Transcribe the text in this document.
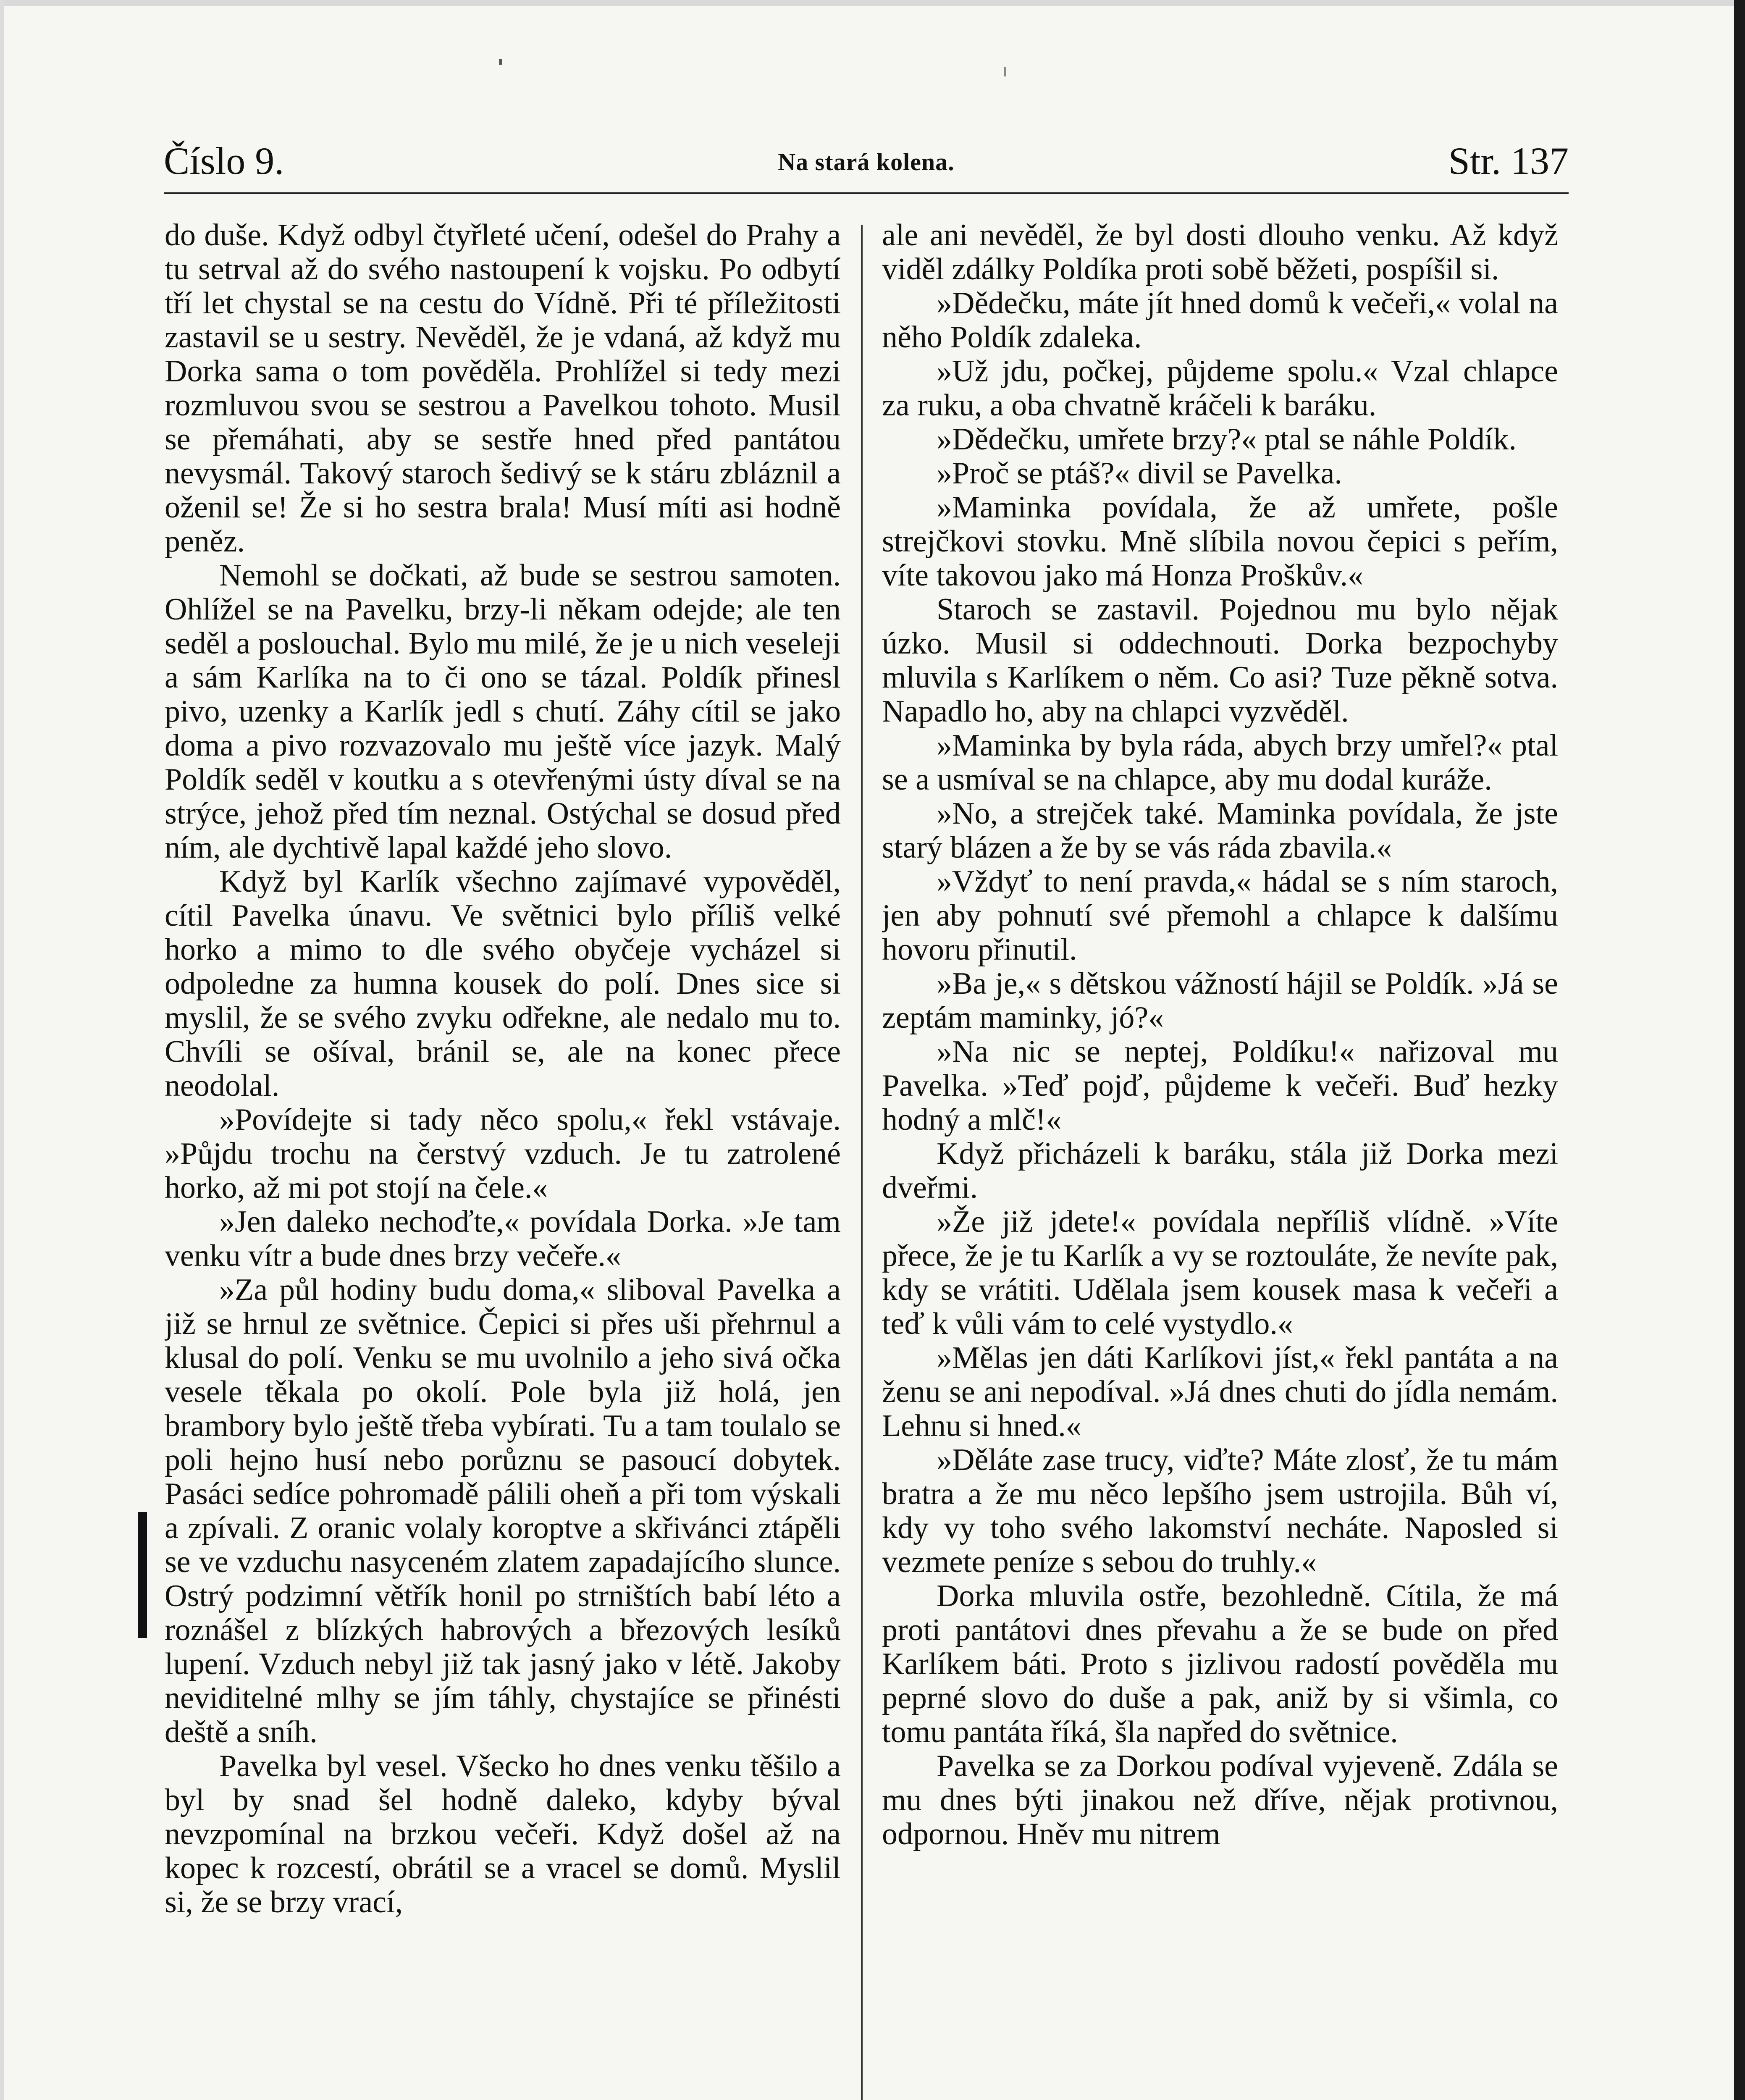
Číslo 9.	Na stará kolena.	Str. 137

do duše. Když odbyl čtyřleté učení, odešel do Prahy a tu setrval až do svého nastoupení k vojsku. Po odbytí tří let chystal se na cestu do Vídně. Při té příležitosti zastavil se u sestry. Nevěděl, že je vdaná, až když mu Dorka sama o tom pověděla. Prohlížel si tedy mezi rozmluvou svou se sestrou a Pavelkou tohoto. Musil se přemáhati, aby se sestře hned před pantátou nevysmál. Takový staroch šedivý se k stáru zbláznil a oženil se! Že si ho sestra brala! Musí míti asi hodně peněz.

Nemohl se dočkati, až bude se sestrou samoten. Ohlížel se na Pavelku, brzy-li někam odejde; ale ten seděl a poslouchal. Bylo mu milé, že je u nich veseleji a sám Karlíka na to či ono se tázal. Poldík přinesl pivo, uzenky a Karlík jedl s chutí. Záhy cítil se jako doma a pivo rozvazovalo mu ještě více jazyk. Malý Poldík seděl v koutku a s otevřenými ústy díval se na strýce, jehož před tím neznal. Ostýchal se dosud před ním, ale dychtivě lapal každé jeho slovo.

Když byl Karlík všechno zajímavé vypověděl, cítil Pavelka únavu. Ve světnici bylo příliš velké horko a mimo to dle svého obyčeje vycházel si odpoledne za humna kousek do polí. Dnes sice si myslil, že se svého zvyku odřekne, ale nedalo mu to. Chvíli se ošíval, bránil se, ale na konec přece neodolal.

»Povídejte si tady něco spolu,« řekl vstávaje. »Půjdu trochu na čerstvý vzduch. Je tu zatrolené horko, až mi pot stojí na čele.«

»Jen daleko nechoďte,« povídala Dorka. »Je tam venku vítr a bude dnes brzy večeře.«

»Za půl hodiny budu doma,« sliboval Pavelka a již se hrnul ze světnice. Čepici si přes uši přehrnul a klusal do polí. Venku se mu uvolnilo a jeho sivá očka vesele těkala po okolí. Pole byla již holá, jen brambory bylo ještě třeba vybírati. Tu a tam toulalo se poli hejno husí nebo porůznu se pasoucí dobytek. Pasáci sedíce pohromadě pálili oheň a při tom výskali a zpívali. Z oranic volaly koroptve a skřivánci ztápěli se ve vzduchu nasyceném zlatem zapadajícího slunce. Ostrý podzimní větřík honil po strništích babí léto a roznášel z blízkých habrových a březových lesíků lupení. Vzduch nebyl již tak jasný jako v létě. Jakoby neviditelné mlhy se jím táhly, chystajíce se přinésti deště a sníh.

Pavelka byl vesel. Všecko ho dnes venku těšilo a byl by snad šel hodně daleko, kdyby býval nevzpomínal na brzkou večeři. Když došel až na kopec k rozcestí, obrátil se a vracel se domů. Myslil si, že se brzy vrací,

ale ani nevěděl, že byl dosti dlouho venku. Až když viděl zdálky Poldíka proti sobě běžeti, pospíšil si.

»Dědečku, máte jít hned domů k večeři,« volal na něho Poldík zdaleka.

»Už jdu, počkej, půjdeme spolu.« Vzal chlapce za ruku, a oba chvatně kráčeli k baráku.

»Dědečku, umřete brzy?« ptal se náhle Poldík.

»Proč se ptáš?« divil se Pavelka.

»Maminka povídala, že až umřete, pošle strejčkovi stovku. Mně slíbila novou čepici s peřím, víte takovou jako má Honza Proškův.«

Staroch se zastavil. Pojednou mu bylo nějak úzko. Musil si oddechnouti. Dorka bezpochyby mluvila s Karlíkem o něm. Co asi? Tuze pěkně sotva. Napadlo ho, aby na chlapci vyzvěděl.

»Maminka by byla ráda, abych brzy umřel?« ptal se a usmíval se na chlapce, aby mu dodal kuráže.

»No, a strejček také. Maminka povídala, že jste starý blázen a že by se vás ráda zbavila.«

»Vždyť to není pravda,« hádal se s ním staroch, jen aby pohnutí své přemohl a chlapce k dalšímu hovoru přinutil.

»Ba je,« s dětskou vážností hájil se Poldík. »Já se zeptám maminky, jó?«

»Na nic se neptej, Poldíku!« nařizoval mu Pavelka. »Teď pojď, půjdeme k večeři. Buď hezky hodný a mlč!«

Když přicházeli k baráku, stála již Dorka mezi dveřmi.

»Že již jdete!« povídala nepříliš vlídně. »Víte přece, že je tu Karlík a vy se roztouláte, že nevíte pak, kdy se vrátiti. Udělala jsem kousek masa k večeři a teď k vůli vám to celé vystydlo.«

»Mělas jen dáti Karlíkovi jíst,« řekl pantáta a na ženu se ani nepodíval. »Já dnes chuti do jídla nemám. Lehnu si hned.«

»Děláte zase trucy, viďte? Máte zlosť, že tu mám bratra a že mu něco lepšího jsem ustrojila. Bůh ví, kdy vy toho svého lakomství necháte. Naposled si vezmete peníze s sebou do truhly.«

Dorka mluvila ostře, bezohledně. Cítila, že má proti pantátovi dnes převahu a že se bude on před Karlíkem báti. Proto s jizlivou radostí pověděla mu peprné slovo do duše a pak, aniž by si všimla, co tomu pantáta říká, šla napřed do světnice.

Pavelka se za Dorkou podíval vyjeveně. Zdála se mu dnes býti jinakou než dříve, nějak protivnou, odpornou. Hněv mu nitrem
